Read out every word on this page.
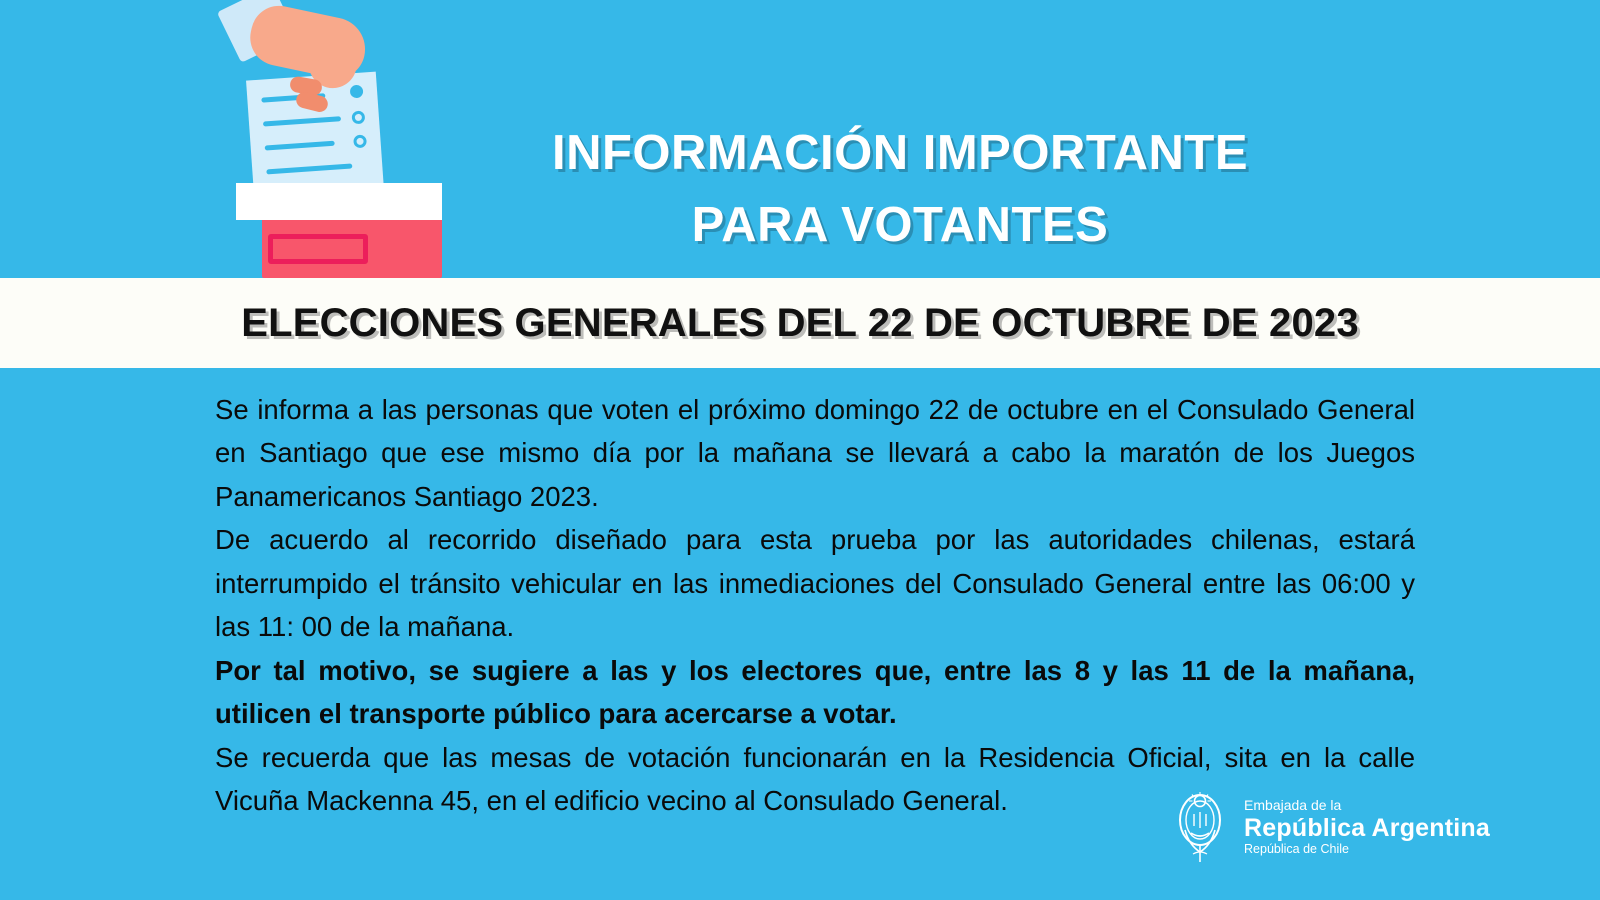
INFORMACIÓN IMPORTANTE
PARA VOTANTES
ELECCIONES GENERALES DEL 22 DE OCTUBRE DE 2023

Se informa a las personas que voten el próximo domingo 22 de octubre en el Consulado General en Santiago que ese mismo día por la mañana se llevará a cabo la maratón de los Juegos Panamericanos Santiago 2023.

De acuerdo al recorrido diseñado para esta prueba por las autoridades chilenas, estará interrumpido el tránsito vehicular en las inmediaciones del Consulado General entre las 06:00 y las 11: 00 de la mañana.

Por tal motivo, se sugiere a las y los electores que, entre las 8 y las 11 de la mañana, utilicen el transporte público para acercarse a votar.

Se recuerda que las mesas de votación funcionarán en la Residencia Oficial, sita en la calle Vicuña Mackenna 45, en el edificio vecino al Consulado General.	Embajada de la
República Argentina
República de Chile
